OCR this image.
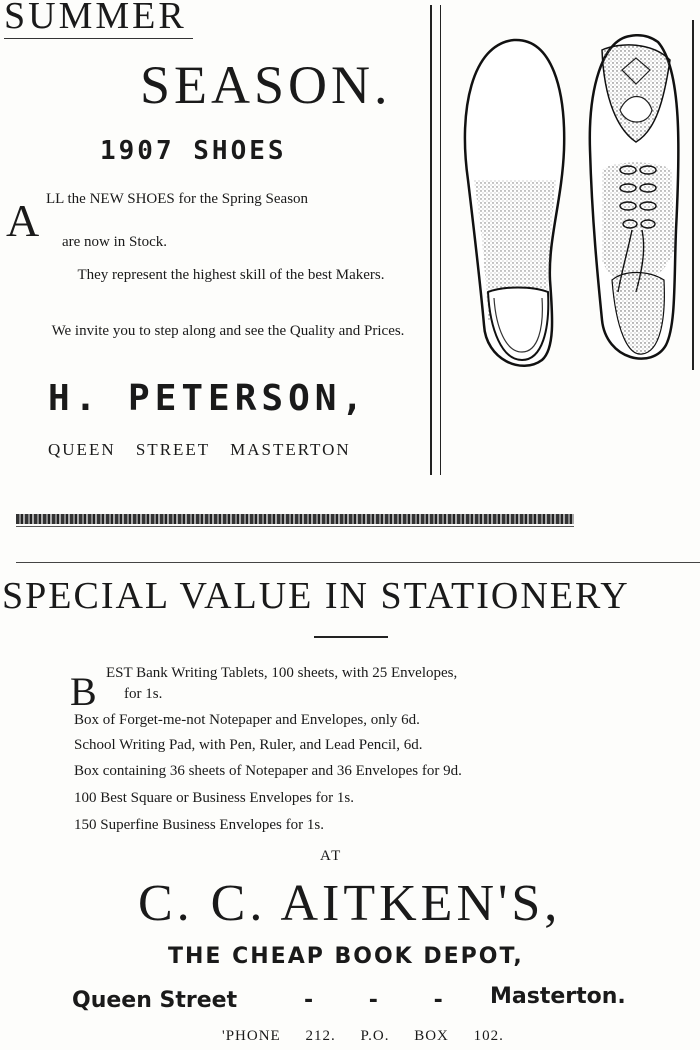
SUMMER
SEASON.
1907 SHOES
A LL the NEW SHOES for the Spring Season
are now in Stock.
They represent the highest skill of the best Makers.
We invite you to step along and see the Quality and Prices.
H. PETERSON,
QUEEN STREET MASTERTON
SPECIAL VALUE IN STATIONERY
B EST Bank Writing Tablets, 100 sheets, with 25 Envelopes,
for 1s.
Box of Forget-me-not Notepaper and Envelopes, only 6d.
School Writing Pad, with Pen, Ruler, and Lead Pencil, 6d.
Box containing 36 sheets of Notepaper and 36 Envelopes for 9d.
100 Best Square or Business Envelopes for 1s.
150 Superfine Business Envelopes for 1s.
AT
C. C. AITKEN'S,
THE CHEAP BOOK DEPOT,
Queen Street	- - - Masterton.
'PHONE 212. P.O. BOX 102.
